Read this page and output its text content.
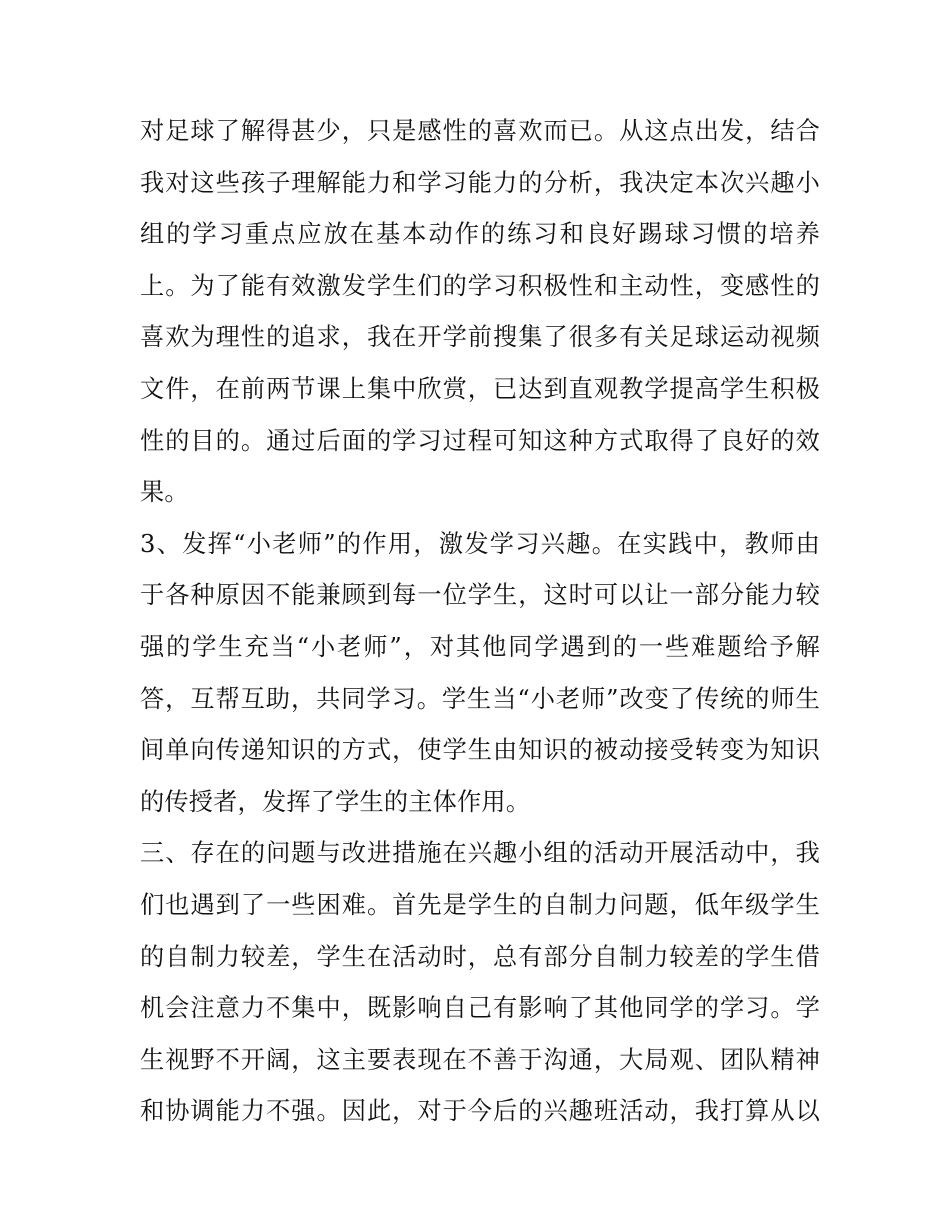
对足球了解得甚少，只是感性的喜欢而已。从这点出发，结合
我对这些孩子理解能力和学习能力的分析，我决定本次兴趣小
组的学习重点应放在基本动作的练习和良好踢球习惯的培养
上。为了能有效激发学生们的学习积极性和主动性，变感性的
喜欢为理性的追求，我在开学前搜集了很多有关足球运动视频
文件，在前两节课上集中欣赏，已达到直观教学提高学生积极
性的目的。通过后面的学习过程可知这种方式取得了良好的效
果。
3、发挥“小老师”的作用，激发学习兴趣。在实践中，教师由
于各种原因不能兼顾到每一位学生，这时可以让一部分能力较
强的学生充当“小老师”，对其他同学遇到的一些难题给予解
答，互帮互助，共同学习。学生当“小老师”改变了传统的师生
间单向传递知识的方式，使学生由知识的被动接受转变为知识
的传授者，发挥了学生的主体作用。
三、存在的问题与改进措施在兴趣小组的活动开展活动中，我
们也遇到了一些困难。首先是学生的自制力问题，低年级学生
的自制力较差，学生在活动时，总有部分自制力较差的学生借
机会注意力不集中，既影响自己有影响了其他同学的学习。学
生视野不开阔，这主要表现在不善于沟通，大局观、团队精神
和协调能力不强。因此，对于今后的兴趣班活动，我打算从以
